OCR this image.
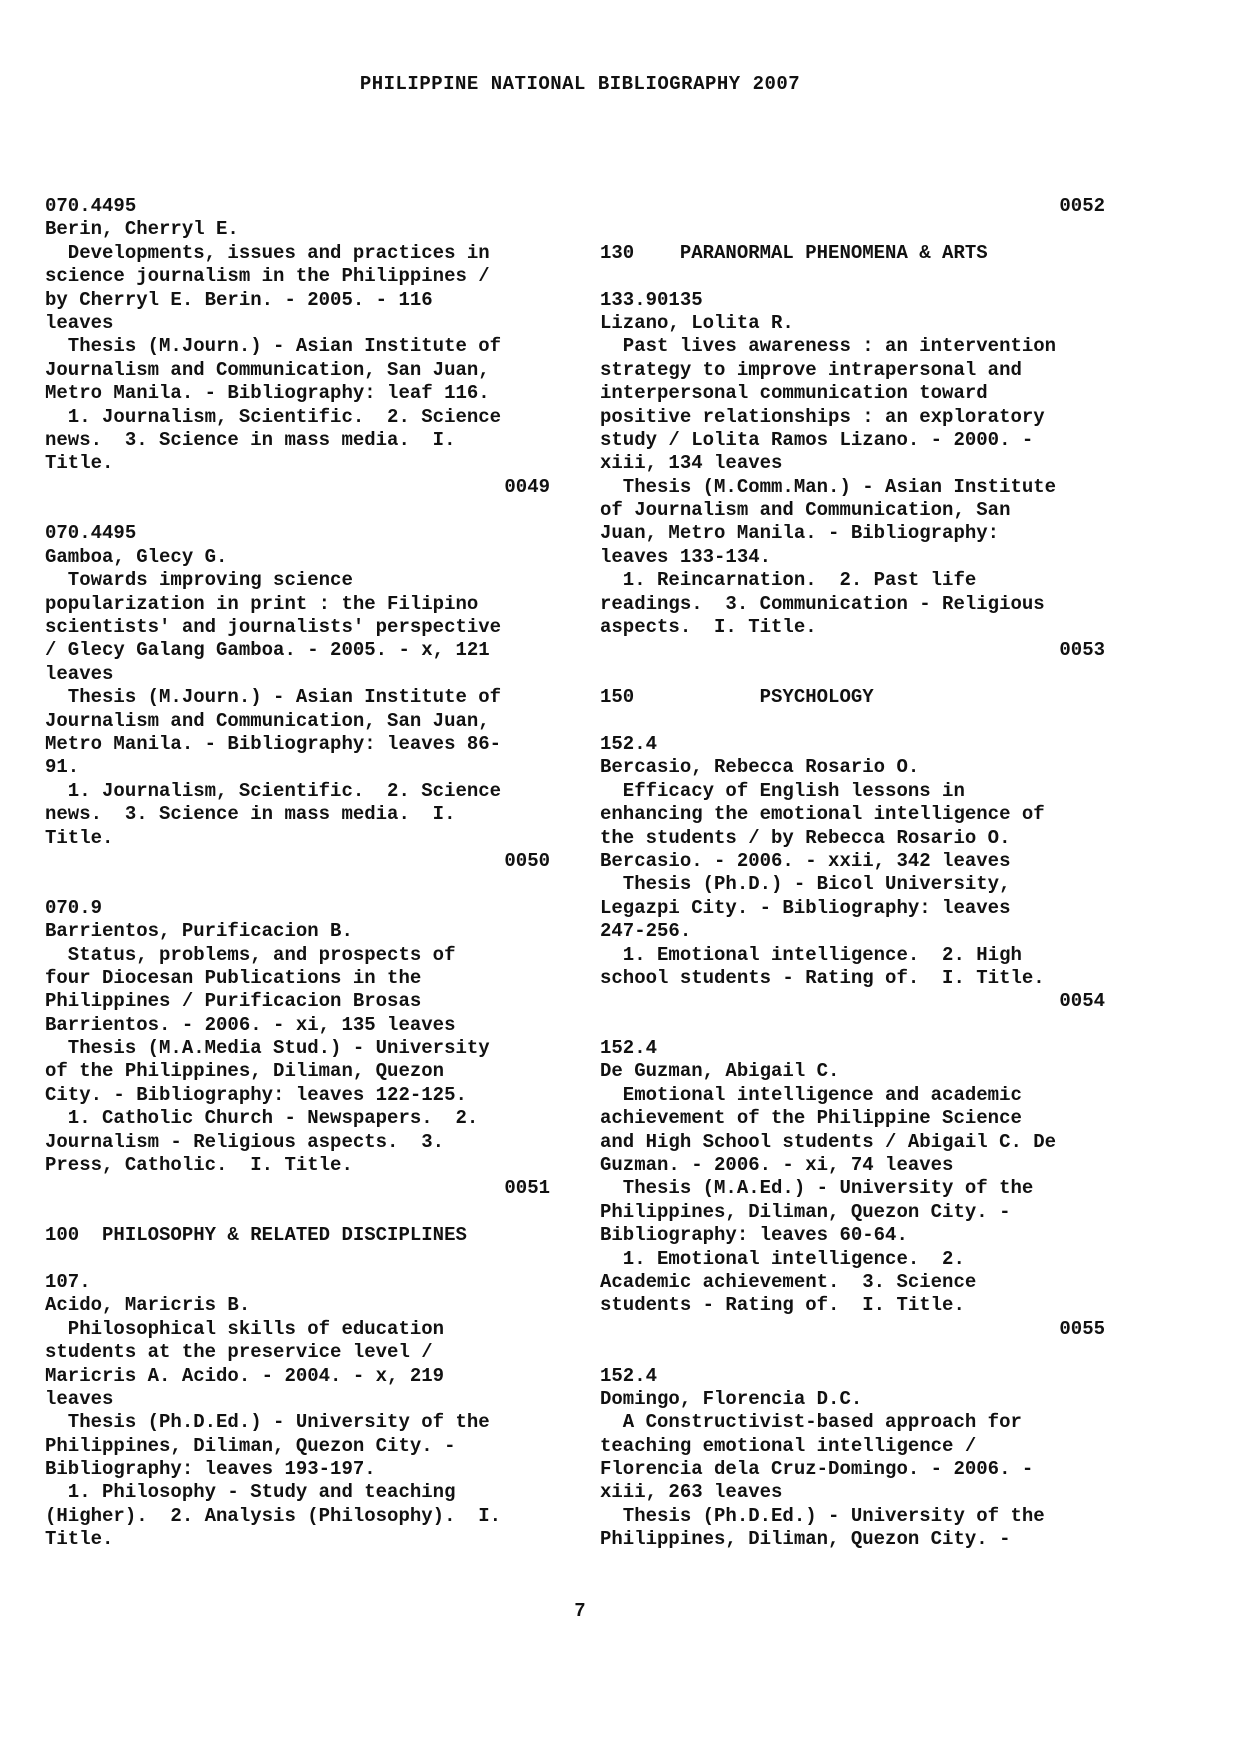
PHILIPPINE NATIONAL BIBLIOGRAPHY 2007
070.4495
Berin, Cherryl E.
Developments, issues and practices in
science journalism in the Philippines /
by Cherryl E. Berin. - 2005. - 116
leaves
Thesis (M.Journ.) - Asian Institute of
Journalism and Communication, San Juan,
Metro Manila. - Bibliography: leaf 116.
1. Journalism, Scientific.  2. Science
news.  3. Science in mass media.  I.
Title.
0049
070.4495
Gamboa, Glecy G.
Towards improving science
popularization in print : the Filipino
scientists' and journalists' perspective
/ Glecy Galang Gamboa. - 2005. - x, 121
leaves
Thesis (M.Journ.) - Asian Institute of
Journalism and Communication, San Juan,
Metro Manila. - Bibliography: leaves 86-
91.
1. Journalism, Scientific.  2. Science
news.  3. Science in mass media.  I.
Title.
0050
070.9
Barrientos, Purificacion B.
Status, problems, and prospects of
four Diocesan Publications in the
Philippines / Purificacion Brosas
Barrientos. - 2006. - xi, 135 leaves
Thesis (M.A.Media Stud.) - University
of the Philippines, Diliman, Quezon
City. - Bibliography: leaves 122-125.
1. Catholic Church - Newspapers.  2.
Journalism - Religious aspects.  3.
Press, Catholic.  I. Title.
0051
100  PHILOSOPHY & RELATED DISCIPLINES
107.
Acido, Maricris B.
Philosophical skills of education
students at the preservice level /
Maricris A. Acido. - 2004. - x, 219
leaves
Thesis (Ph.D.Ed.) - University of the
Philippines, Diliman, Quezon City. -
Bibliography: leaves 193-197.
1. Philosophy - Study and teaching
(Higher).  2. Analysis (Philosophy).  I.
Title.
0052
130    PARANORMAL PHENOMENA & ARTS
133.90135
Lizano, Lolita R.
Past lives awareness : an intervention
strategy to improve intrapersonal and
interpersonal communication toward
positive relationships : an exploratory
study / Lolita Ramos Lizano. - 2000. -
xiii, 134 leaves
Thesis (M.Comm.Man.) - Asian Institute
of Journalism and Communication, San
Juan, Metro Manila. - Bibliography:
leaves 133-134.
1. Reincarnation.  2. Past life
readings.  3. Communication - Religious
aspects.  I. Title.
0053
150           PSYCHOLOGY
152.4
Bercasio, Rebecca Rosario O.
Efficacy of English lessons in
enhancing the emotional intelligence of
the students / by Rebecca Rosario O.
Bercasio. - 2006. - xxii, 342 leaves
Thesis (Ph.D.) - Bicol University,
Legazpi City. - Bibliography: leaves
247-256.
1. Emotional intelligence.  2. High
school students - Rating of.  I. Title.
0054
152.4
De Guzman, Abigail C.
Emotional intelligence and academic
achievement of the Philippine Science
and High School students / Abigail C. De
Guzman. - 2006. - xi, 74 leaves
Thesis (M.A.Ed.) - University of the
Philippines, Diliman, Quezon City. -
Bibliography: leaves 60-64.
1. Emotional intelligence.  2.
Academic achievement.  3. Science
students - Rating of.  I. Title.
0055
152.4
Domingo, Florencia D.C.
A Constructivist-based approach for
teaching emotional intelligence /
Florencia dela Cruz-Domingo. - 2006. -
xiii, 263 leaves
Thesis (Ph.D.Ed.) - University of the
Philippines, Diliman, Quezon City. -
7
